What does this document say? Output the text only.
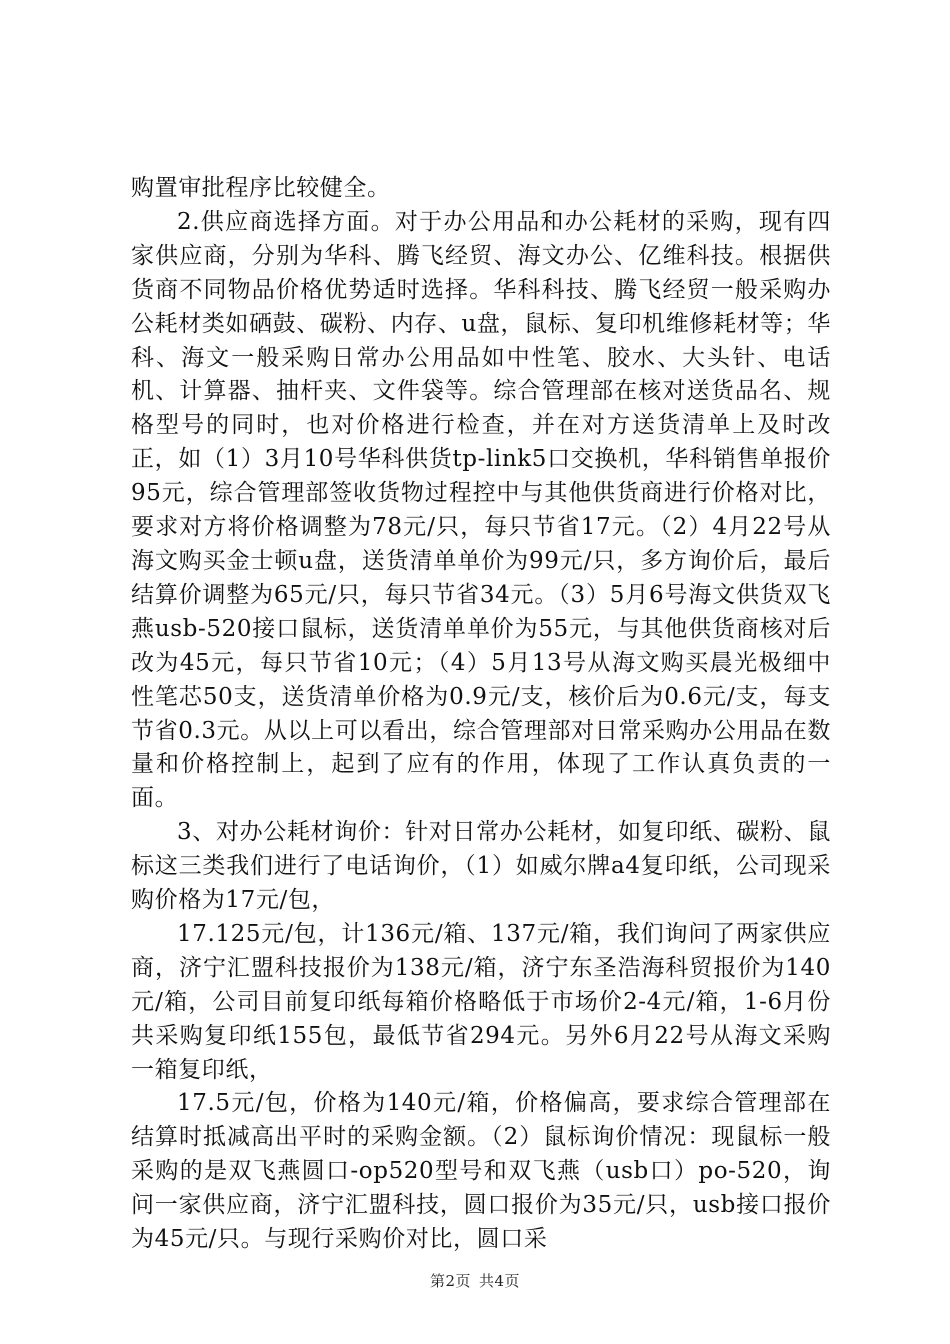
购置审批程序比较健全。

2.供应商选择方面。对于办公用品和办公耗材的采购，现有四家供应商，分别为华科、腾飞经贸、海文办公、亿维科技。根据供货商不同物品价格优势适时选择。华科科技、腾飞经贸一般采购办公耗材类如硒鼓、碳粉、内存、u盘，鼠标、复印机维修耗材等；华科、海文一般采购日常办公用品如中性笔、胶水、大头针、电话机、计算器、抽杆夹、文件袋等。综合管理部在核对送货品名、规格型号的同时，也对价格进行检查，并在对方送货清单上及时改正，如（1）3月10号华科供货tp-link5口交换机，华科销售单报价95元，综合管理部签收货物过程控中与其他供货商进行价格对比，要求对方将价格调整为78元/只，每只节省17元。（2）4月22号从海文购买金士顿u盘，送货清单单价为99元/只，多方询价后，最后结算价调整为65元/只，每只节省34元。（3）5月6号海文供货双飞燕usb-520接口鼠标，送货清单单价为55元，与其他供货商核对后改为45元，每只节省10元；（4）5月13号从海文购买晨光极细中性笔芯50支，送货清单价格为0.9元/支，核价后为0.6元/支，每支节省0.3元。从以上可以看出，综合管理部对日常采购办公用品在数量和价格控制上，起到了应有的作用，体现了工作认真负责的一面。

3、对办公耗材询价：针对日常办公耗材，如复印纸、碳粉、鼠标这三类我们进行了电话询价，（1）如威尔牌a4复印纸，公司现采购价格为17元/包，

17.125元/包，计136元/箱、137元/箱，我们询问了两家供应商，济宁汇盟科技报价为138元/箱，济宁东圣浩海科贸报价为140元/箱，公司目前复印纸每箱价格略低于市场价2-4元/箱，1-6月份共采购复印纸155包，最低节省294元。另外6月22号从海文采购一箱复印纸，

17.5元/包，价格为140元/箱，价格偏高，要求综合管理部在结算时抵减高出平时的采购金额。（2）鼠标询价情况：现鼠标一般采购的是双飞燕圆口-op520型号和双飞燕（usb口）po-520，询问一家供应商，济宁汇盟科技，圆口报价为35元/只，usb接口报价为45元/只。与现行采购价对比，圆口采

第2页 共4页
